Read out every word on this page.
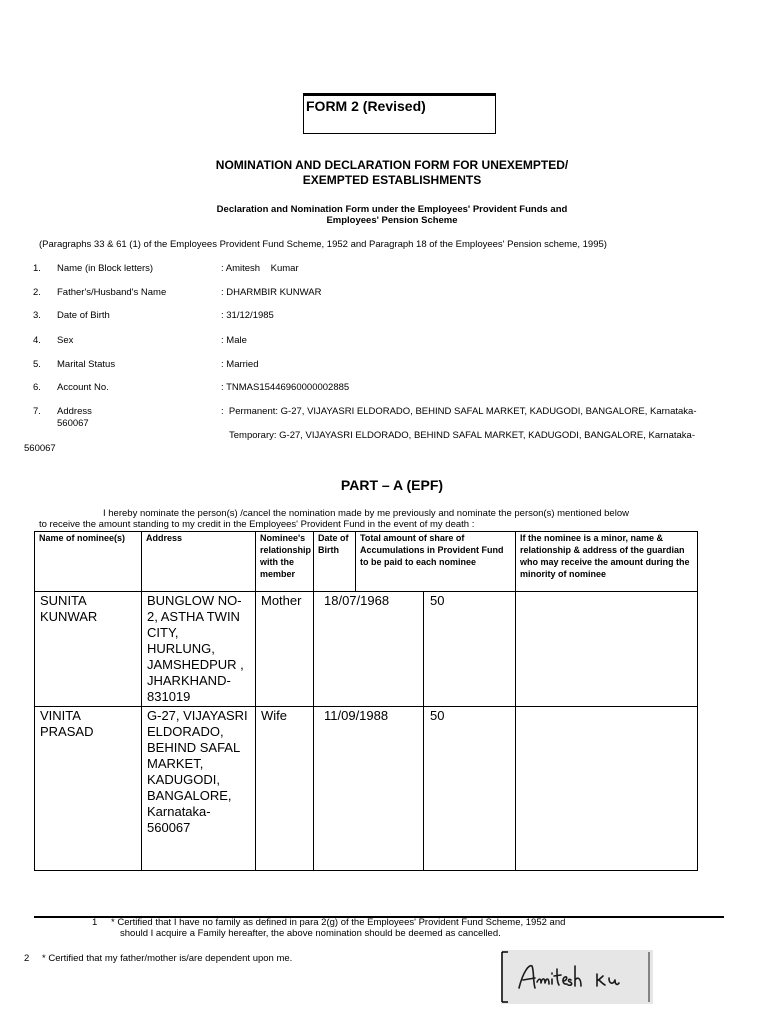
FORM 2 (Revised)
NOMINATION AND DECLARATION FORM FOR UNEXEMPTED/
EXEMPTED ESTABLISHMENTS
Declaration and Nomination Form under the Employees' Provident Funds and
Employees' Pension Scheme
(Paragraphs 33 & 61 (1) of the Employees Provident Fund Scheme, 1952 and Paragraph 18 of the Employees' Pension scheme, 1995)
1.	Name (in Block letters)	: Amitesh    Kumar
2.	Father's/Husband's Name	: DHARMBIR KUNWAR
3.	Date of Birth	: 31/12/1985
4.	Sex	: Male
5.	Marital Status	: Married
6.	Account No.	: TNMAS15446960000002885
7.	Address	:  Permanent: G-27, VIJAYASRI ELDORADO, BEHIND SAFAL MARKET, KADUGODI, BANGALORE, Karnataka-
560067
Temporary: G-27, VIJAYASRI ELDORADO, BEHIND SAFAL MARKET, KADUGODI, BANGALORE, Karnataka-
560067
PART – A (EPF)
I hereby nominate the person(s) /cancel the nomination made by me previously and nominate the person(s) mentioned below
to receive the amount standing to my credit in the Employees' Provident Fund in the event of my death :
Name of nominee(s)	Address	Nominee's relationship with the member	Date of Birth	Total amount of share of Accumulations in Provident Fund to be paid to each nominee	If the nominee is a minor, name & relationship & address of the guardian who may receive the amount during the minority of nominee
SUNITA KUNWAR	BUNGLOW NO-2, ASTHA TWIN CITY, HURLUNG, JAMSHEDPUR , JHARKHAND-831019	Mother	18/07/1968 50		

VINITA PRASAD	G-27, VIJAYASRI ELDORADO, BEHIND SAFAL MARKET, KADUGODI, BANGALORE, Karnataka-560067	Wife	11/09/1988 50		

1 * Certified that I have no family as defined in para 2(g) of the Employees' Provident Fund Scheme, 1952 and
should I acquire a Family hereafter, the above nomination should be deemed as cancelled.
2 * Certified that my father/mother is/are dependent upon me.
